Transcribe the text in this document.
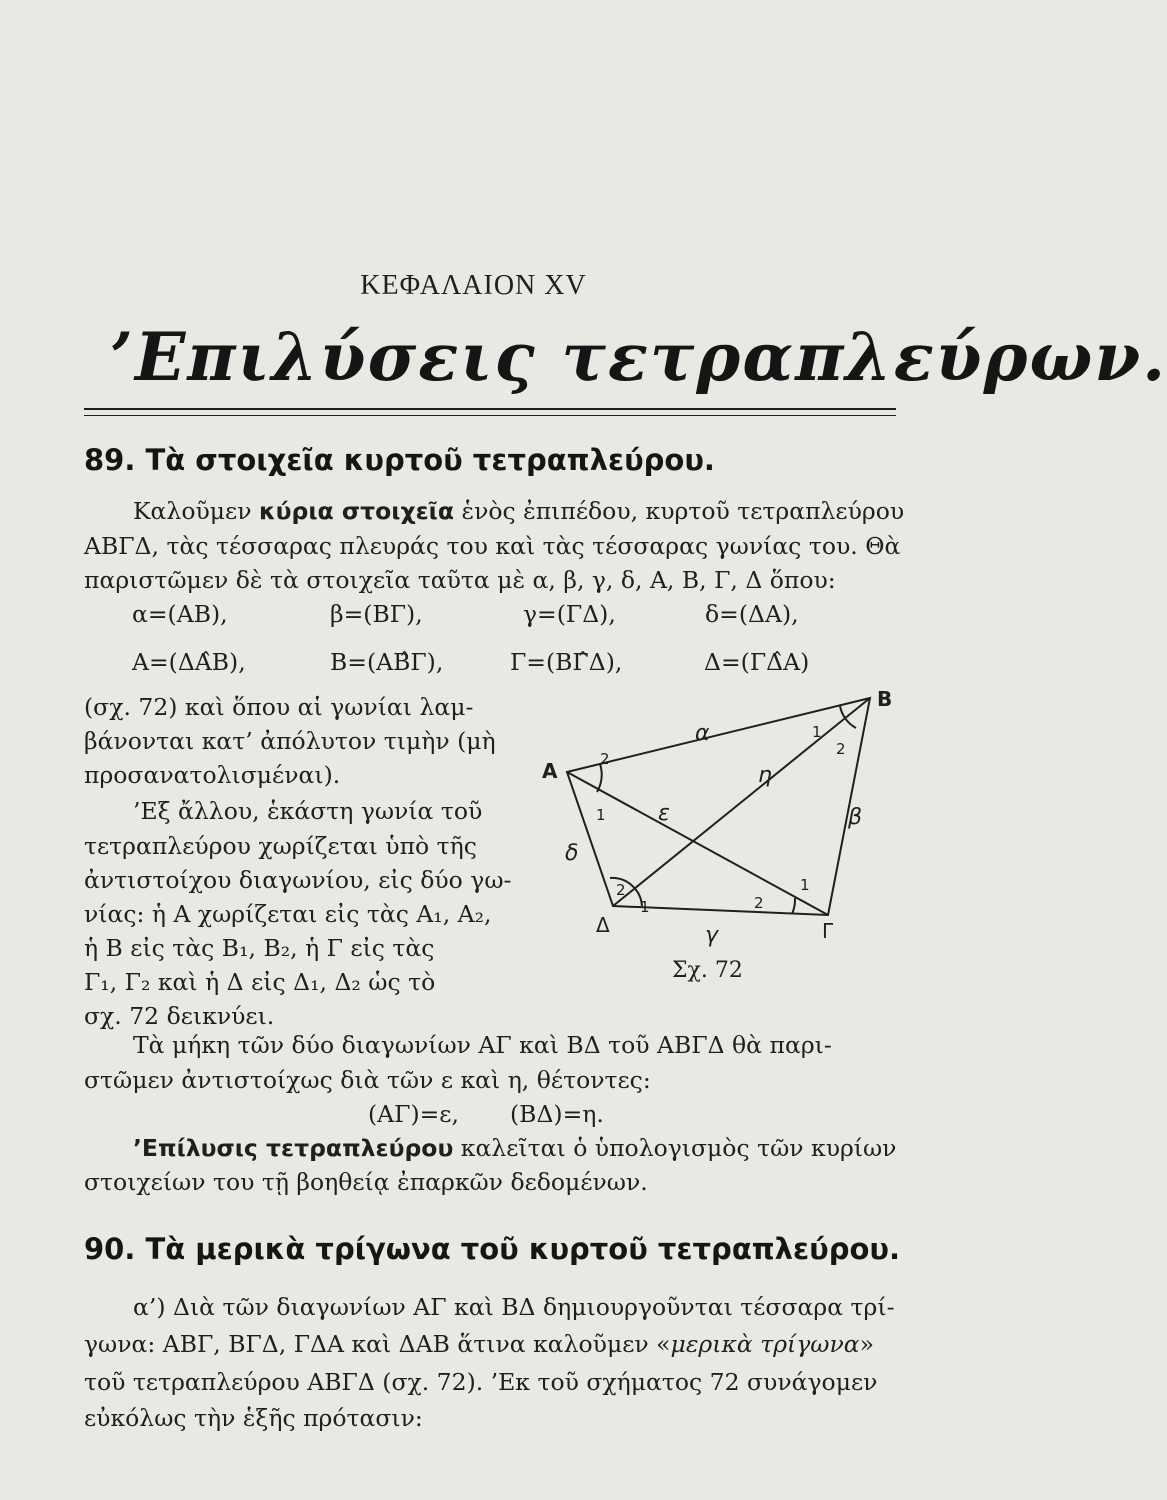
ΚΕΦΑΛΑΙΟΝ XV
’Επιλύσεις τετραπλεύρων.
89. Τὰ στοιχεῖα κυρτοῦ τετραπλεύρου.
Καλοῦμεν κύρια στοιχεῖα ἑνὸς ἐπιπέδου, κυρτοῦ τετραπλεύρου
ΑΒΓΔ, τὰς τέσσαρας πλευράς του καὶ τὰς τέσσαρας γωνίας του. Θὰ
παριστῶμεν δὲ τὰ στοιχεῖα ταῦτα μὲ α, β, γ, δ, Α, Β, Γ, Δ ὅπου:
α=(ΑΒ),	β=(ΒΓ),	γ=(ΓΔ),	δ=(ΔΑ),
Α=(ΔΑ̂Β),	Β=(ΑΒ̂Γ),	Γ=(ΒΓ̂Δ),	Δ=(ΓΔ̂Α)
(σχ. 72) καὶ ὅπου αἱ γωνίαι λαμ-
βάνονται κατ’ ἀπόλυτον τιμὴν (μὴ
προσανατολισμέναι).
’Εξ ἄλλου, ἑκάστη γωνία τοῦ
τετραπλεύρου χωρίζεται ὑπὸ τῆς
ἀντιστοίχου διαγωνίου, εἰς δύο γω-
νίας: ἡ Α χωρίζεται εἰς τὰς Α₁, Α₂,
ἡ Β εἰς τὰς Β₁, Β₂, ἡ Γ εἰς τὰς
Γ₁, Γ₂ καὶ ἡ Δ εἰς Δ₁, Δ₂ ὡς τὸ
σχ. 72 δεικνύει.
Τὰ μήκη τῶν δύο διαγωνίων ΑΓ καὶ ΒΔ τοῦ ΑΒΓΔ θὰ παρι-
στῶμεν ἀντιστοίχως διὰ τῶν ε καὶ η, θέτοντες:
(ΑΓ)=ε, (ΒΔ)=η.
’Επίλυσις τετραπλεύρου καλεῖται ὁ ὑπολογισμὸς τῶν κυρίων
στοιχείων του τῇ βοηθείᾳ ἐπαρκῶν δεδομένων.
90. Τὰ μερικὰ τρίγωνα τοῦ κυρτοῦ τετραπλεύρου.
α’) Διὰ τῶν διαγωνίων ΑΓ καὶ ΒΔ δημιουργοῦνται τέσσαρα τρί-
γωνα: ΑΒΓ, ΒΓΔ, ΓΔΑ καὶ ΔΑΒ ἅτινα καλοῦμεν «μερικὰ τρίγωνα»
τοῦ τετραπλεύρου ΑΒΓΔ (σχ. 72). ’Εκ τοῦ σχήματος 72 συνάγομεν
εὐκόλως τὴν ἑξῆς πρότασιν:
Α
Β
Γ
Δ
α
β
γ
δ
η
ε
1
2
1
2
1
2
1
2
Σχ. 72
